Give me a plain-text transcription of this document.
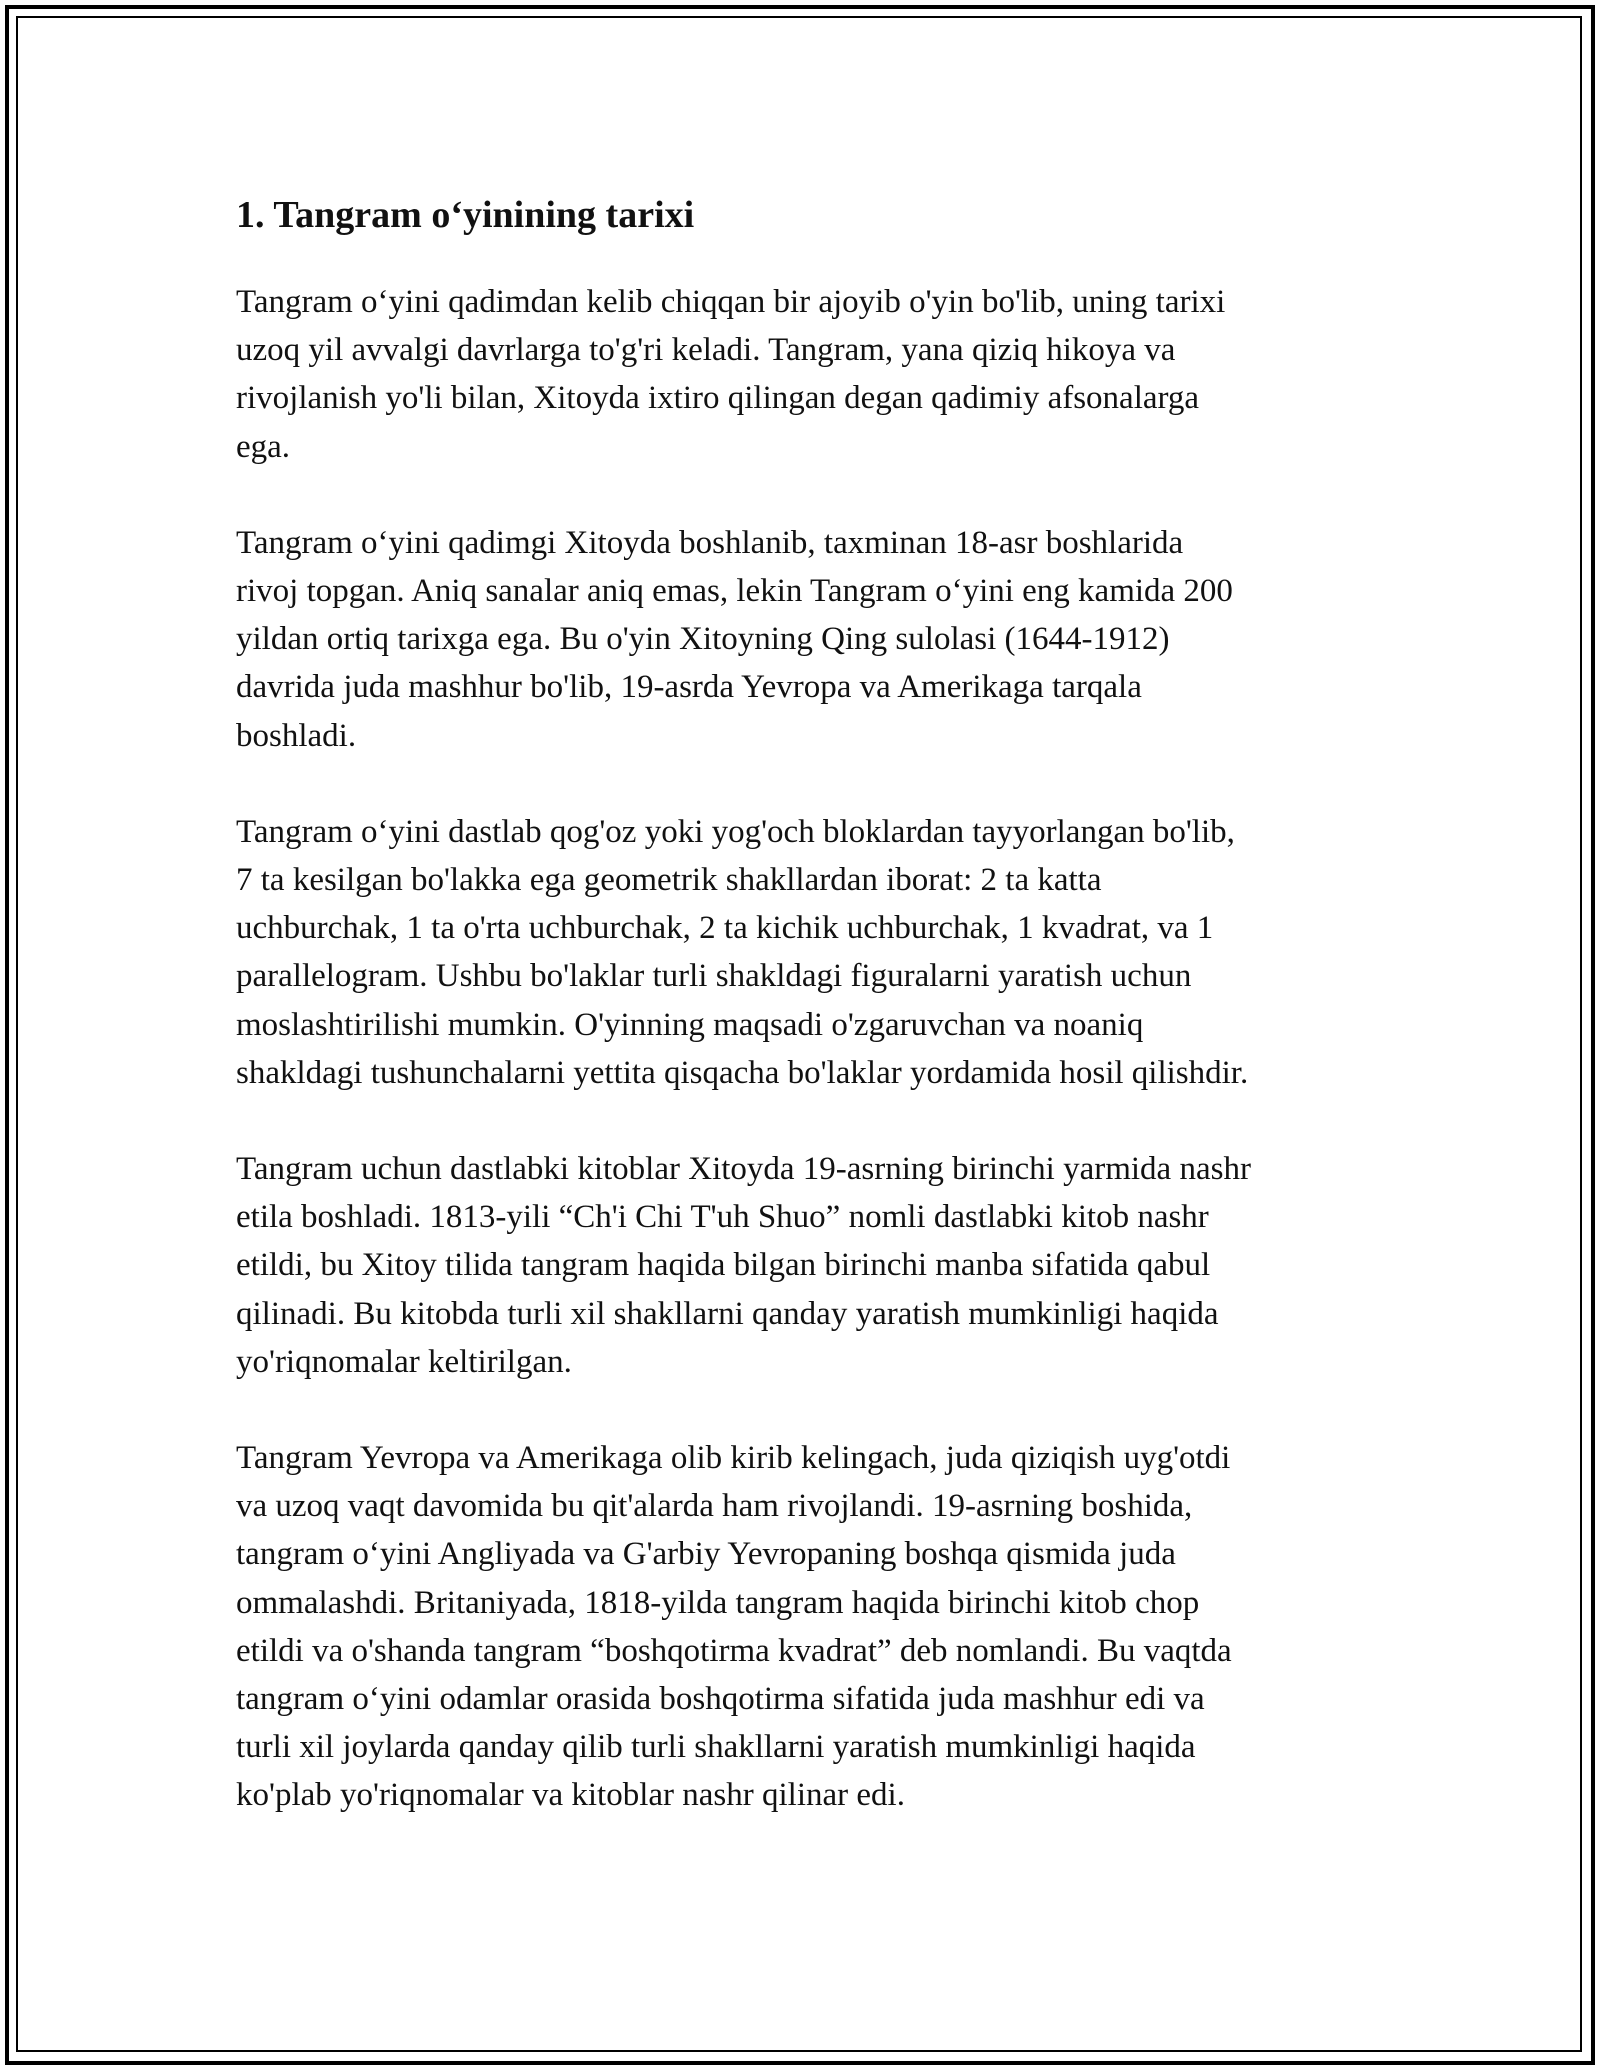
1. Tangram o‘yinining tarixi

Tangram o‘yini qadimdan kelib chiqqan bir ajoyib o'yin bo'lib, uning tarixi
uzoq yil avvalgi davrlarga to'g'ri keladi. Tangram, yana qiziq hikoya va
rivojlanish yo'li bilan, Xitoyda ixtiro qilingan degan qadimiy afsonalarga
ega.

Tangram o‘yini qadimgi Xitoyda boshlanib, taxminan 18-asr boshlarida
rivoj topgan. Aniq sanalar aniq emas, lekin Tangram o‘yini eng kamida 200
yildan ortiq tarixga ega. Bu o'yin Xitoyning Qing sulolasi (1644-1912)
davrida juda mashhur bo'lib, 19-asrda Yevropa va Amerikaga tarqala
boshladi.

Tangram o‘yini dastlab qog'oz yoki yog'och bloklardan tayyorlangan bo'lib,
7 ta kesilgan bo'lakka ega geometrik shakllardan iborat: 2 ta katta
uchburchak, 1 ta o'rta uchburchak, 2 ta kichik uchburchak, 1 kvadrat, va 1
parallelogram. Ushbu bo'laklar turli shakldagi figuralarni yaratish uchun
moslashtirilishi mumkin. O'yinning maqsadi o'zgaruvchan va noaniq
shakldagi tushunchalarni yettita qisqacha bo'laklar yordamida hosil qilishdir.

Tangram uchun dastlabki kitoblar Xitoyda 19-asrning birinchi yarmida nashr
etila boshladi. 1813-yili “Ch'i Chi T'uh Shuo” nomli dastlabki kitob nashr
etildi, bu Xitoy tilida tangram haqida bilgan birinchi manba sifatida qabul
qilinadi. Bu kitobda turli xil shakllarni qanday yaratish mumkinligi haqida
yo'riqnomalar keltirilgan.

Tangram Yevropa va Amerikaga olib kirib kelingach, juda qiziqish uyg'otdi
va uzoq vaqt davomida bu qit'alarda ham rivojlandi. 19-asrning boshida,
tangram o‘yini Angliyada va G'arbiy Yevropaning boshqa qismida juda
ommalashdi. Britaniyada, 1818-yilda tangram haqida birinchi kitob chop
etildi va o'shanda tangram “boshqotirma kvadrat” deb nomlandi. Bu vaqtda
tangram o‘yini odamlar orasida boshqotirma sifatida juda mashhur edi va
turli xil joylarda qanday qilib turli shakllarni yaratish mumkinligi haqida
ko'plab yo'riqnomalar va kitoblar nashr qilinar edi.
